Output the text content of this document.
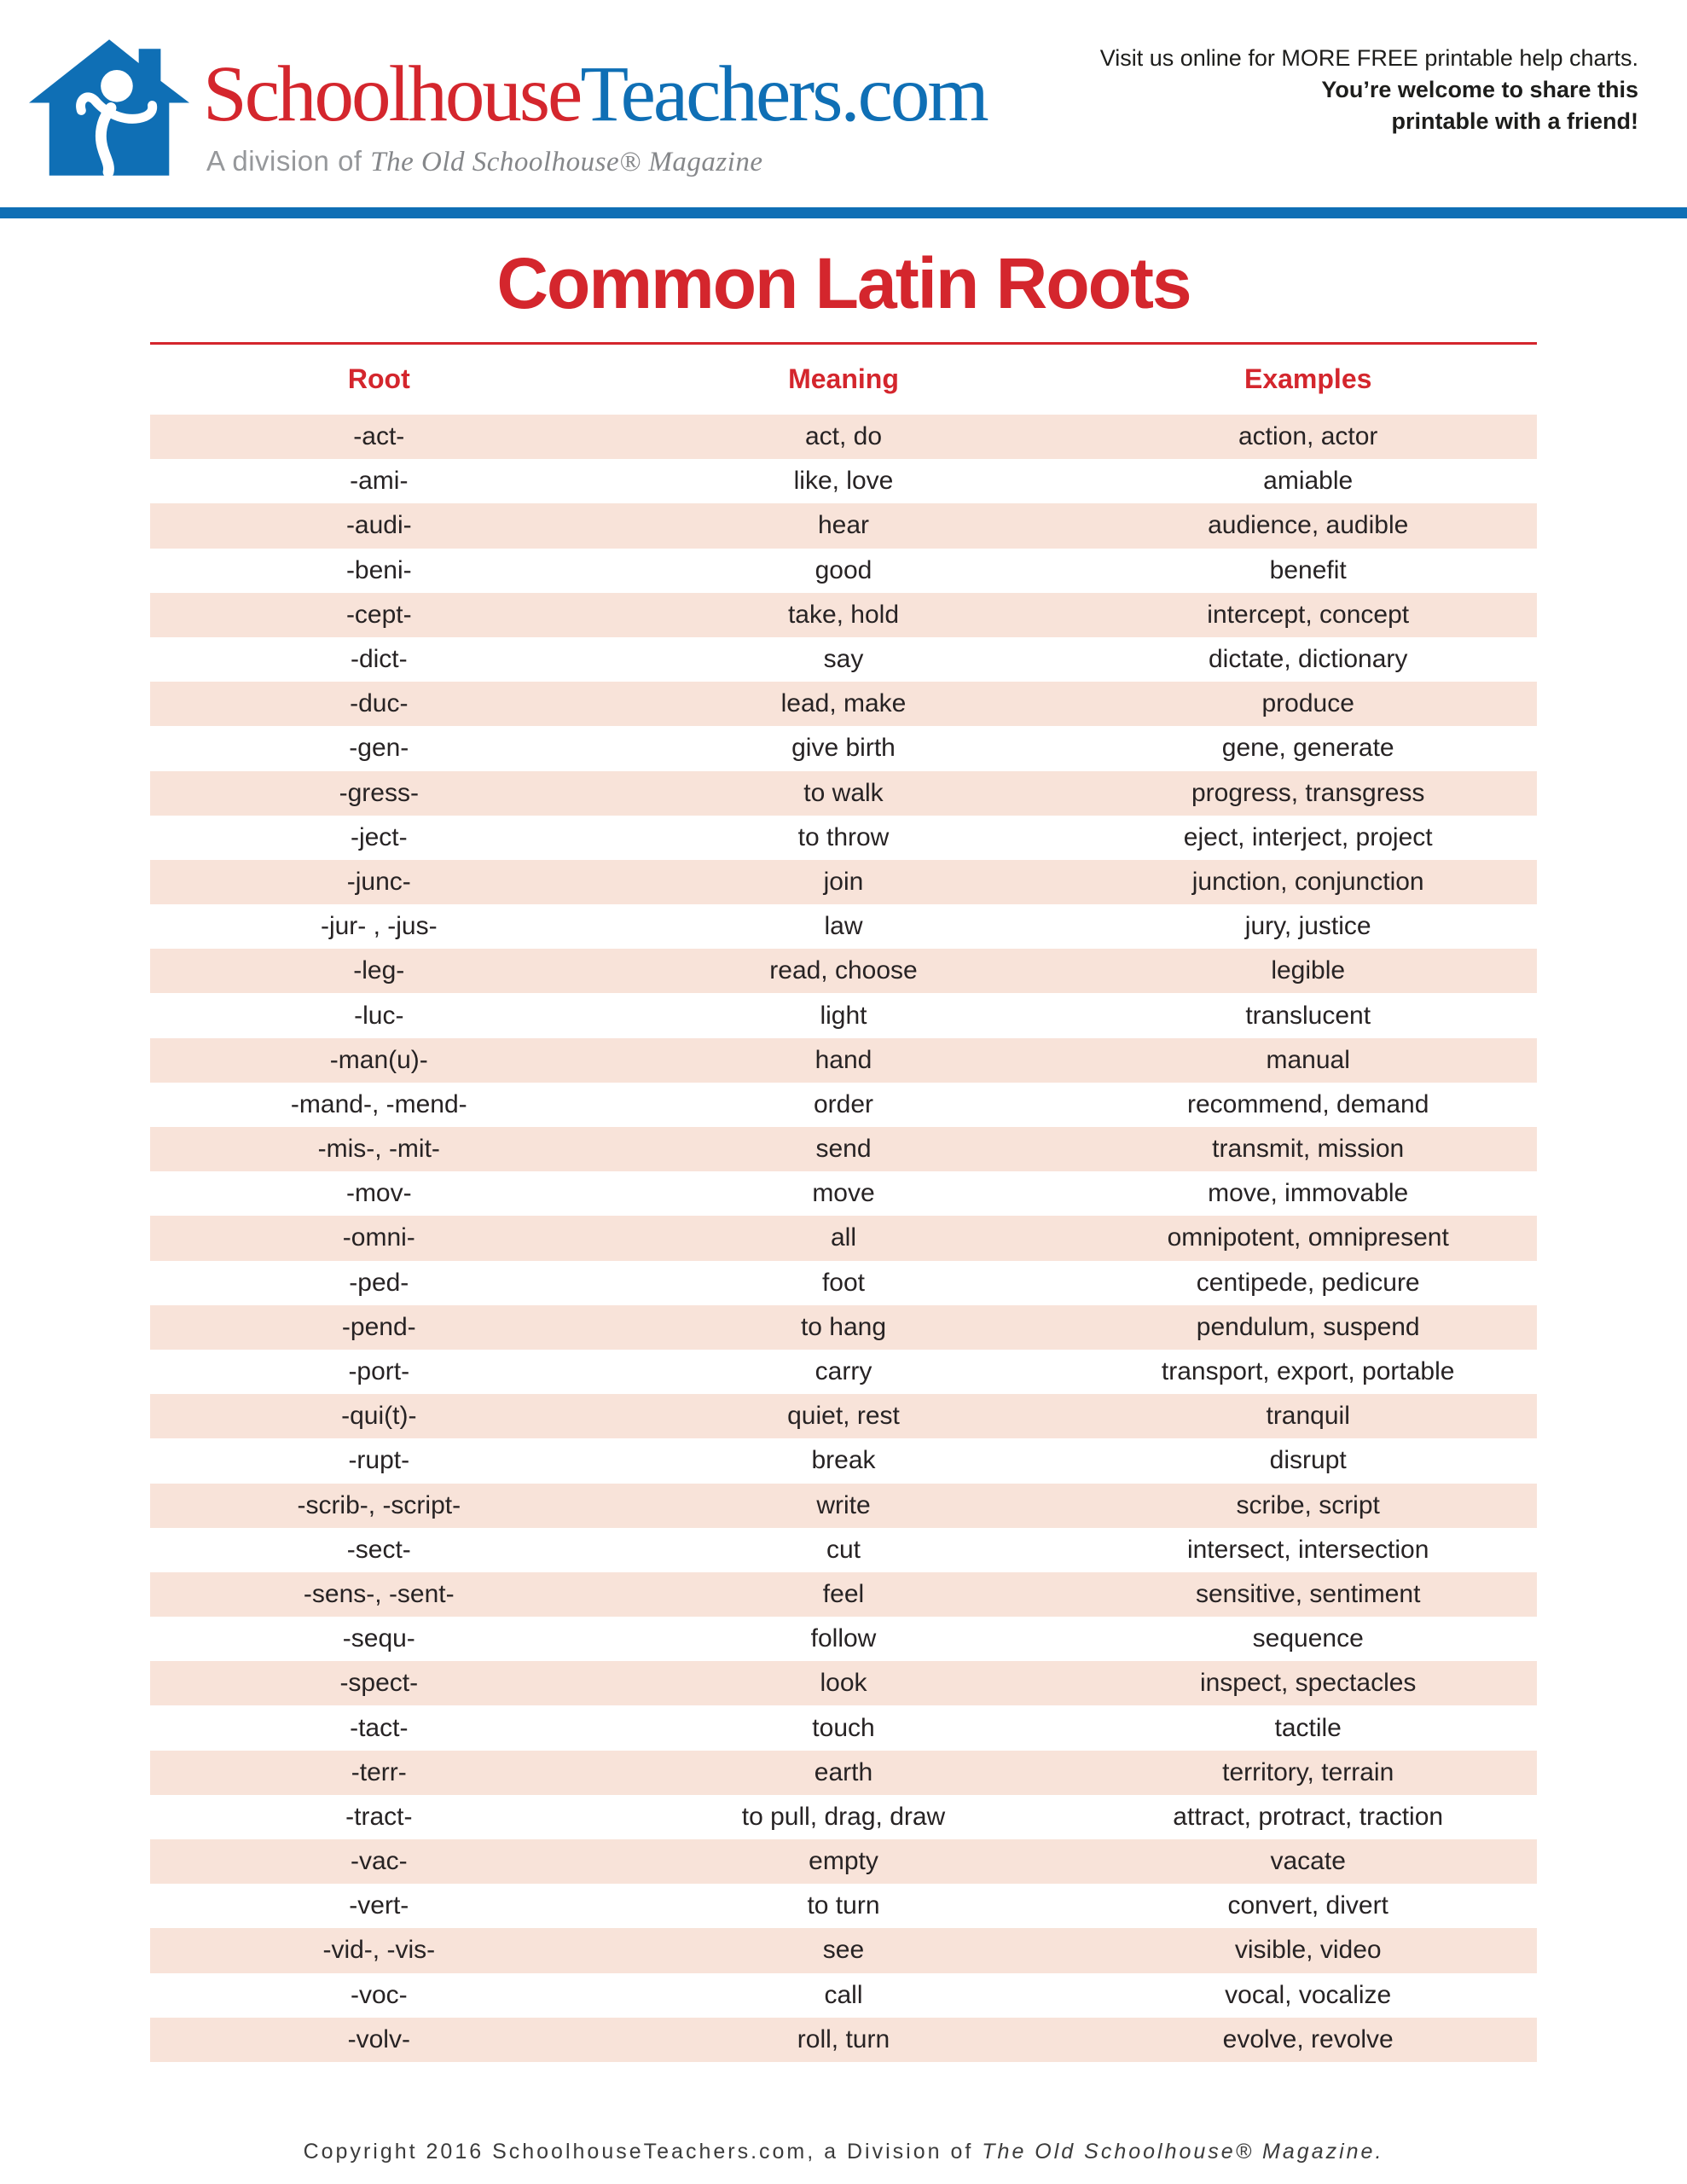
SchoolhouseTeachers.com
A division of The Old Schoolhouse® Magazine
Visit us online for MORE FREE printable help charts.
You’re welcome to share this
printable with a friend!
Common Latin Roots
Root	Meaning	Examples
-act-	act, do	action, actor
-ami-	like, love	amiable
-audi-	hear	audience, audible
-beni-	good	benefit
-cept-	take, hold	intercept, concept
-dict-	say	dictate, dictionary
-duc-	lead, make	produce
-gen-	give birth	gene, generate
-gress-	to walk	progress, transgress
-ject-	to throw	eject, interject, project
-junc-	join	junction, conjunction
-jur- , -jus-	law	jury, justice
-leg-	read, choose	legible
-luc-	light	translucent
-man(u)-	hand	manual
-mand-, -mend-	order	recommend, demand
-mis-, -mit-	send	transmit, mission
-mov-	move	move, immovable
-omni-	all	omnipotent, omnipresent
-ped-	foot	centipede, pedicure
-pend-	to hang	pendulum, suspend
-port-	carry	transport, export, portable
-qui(t)-	quiet, rest	tranquil
-rupt-	break	disrupt
-scrib-, -script-	write	scribe, script
-sect-	cut	intersect, intersection
-sens-, -sent-	feel	sensitive, sentiment
-sequ-	follow	sequence
-spect-	look	inspect, spectacles
-tact-	touch	tactile
-terr-	earth	territory, terrain
-tract-	to pull, drag, draw	attract, protract, traction
-vac-	empty	vacate
-vert-	to turn	convert, divert
-vid-, -vis-	see	visible, video
-voc-	call	vocal, vocalize
-volv-	roll, turn	evolve, revolve
Copyright 2016 SchoolhouseTeachers.com, a Division of The Old Schoolhouse® Magazine.
